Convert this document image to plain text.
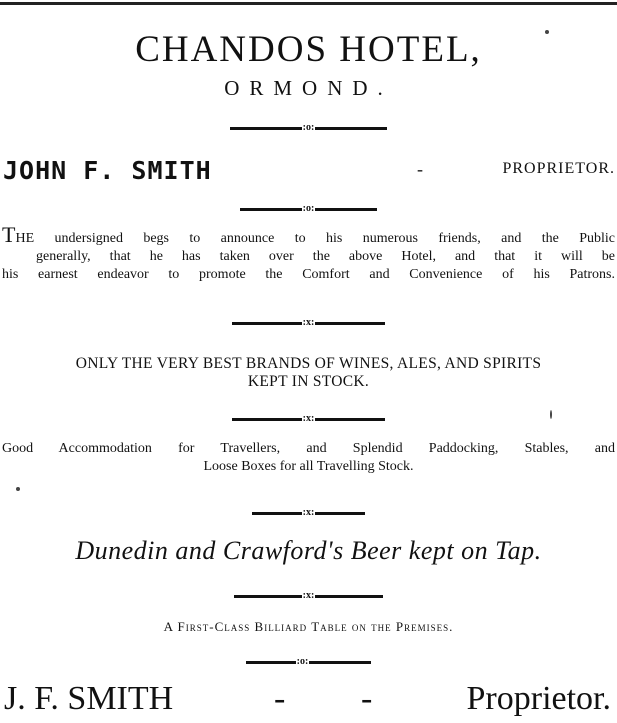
CHANDOS HOTEL,
ORMOND.
:o:
JOHN F. SMITH	-	PROPRIETOR.
:o:
THE undersigned begs to announce to his numerous friends, and the Public
generally, that he has taken over the above Hotel, and that it will be
his earnest endeavor to promote the Comfort and Convenience of his Patrons.
:x:
ONLY THE VERY BEST BRANDS OF WINES, ALES, AND SPIRITS
KEPT IN STOCK.
:x:
Good Accommodation for Travellers, and Splendid Paddocking, Stables, and
Loose Boxes for all Travelling Stock.
:x:
Dunedin and Crawford's Beer kept on Tap.
:x:
A First-Class Billiard Table on the Premises.
:o:
J. F. SMITH	- -	Proprietor.
